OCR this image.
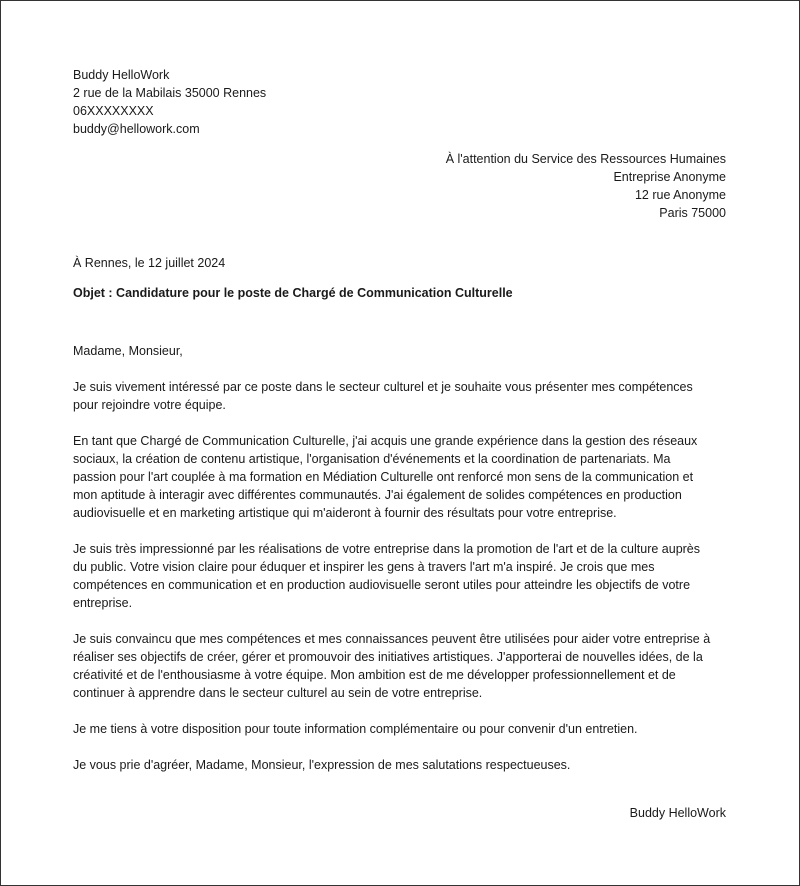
Buddy HelloWork
2 rue de la Mabilais 35000 Rennes
06XXXXXXXX
buddy@hellowork.com
À l'attention du Service des Ressources Humaines
Entreprise Anonyme
12 rue Anonyme
Paris 75000
À Rennes, le 12 juillet 2024
Objet : Candidature pour le poste de Chargé de Communication Culturelle

Madame, Monsieur,

Je suis vivement intéressé par ce poste dans le secteur culturel et je souhaite vous présenter mes compétences
pour rejoindre votre équipe.

En tant que Chargé de Communication Culturelle, j'ai acquis une grande expérience dans la gestion des réseaux
sociaux, la création de contenu artistique, l'organisation d'événements et la coordination de partenariats. Ma
passion pour l'art couplée à ma formation en Médiation Culturelle ont renforcé mon sens de la communication et
mon aptitude à interagir avec différentes communautés. J'ai également de solides compétences en production
audiovisuelle et en marketing artistique qui m'aideront à fournir des résultats pour votre entreprise.

Je suis très impressionné par les réalisations de votre entreprise dans la promotion de l'art et de la culture auprès
du public. Votre vision claire pour éduquer et inspirer les gens à travers l'art m'a inspiré. Je crois que mes
compétences en communication et en production audiovisuelle seront utiles pour atteindre les objectifs de votre
entreprise.

Je suis convaincu que mes compétences et mes connaissances peuvent être utilisées pour aider votre entreprise à
réaliser ses objectifs de créer, gérer et promouvoir des initiatives artistiques. J'apporterai de nouvelles idées, de la
créativité et de l'enthousiasme à votre équipe. Mon ambition est de me développer professionnellement et de
continuer à apprendre dans le secteur culturel au sein de votre entreprise.

Je me tiens à votre disposition pour toute information complémentaire ou pour convenir d'un entretien.

Je vous prie d'agréer, Madame, Monsieur, l'expression de mes salutations respectueuses.

Buddy HelloWork
